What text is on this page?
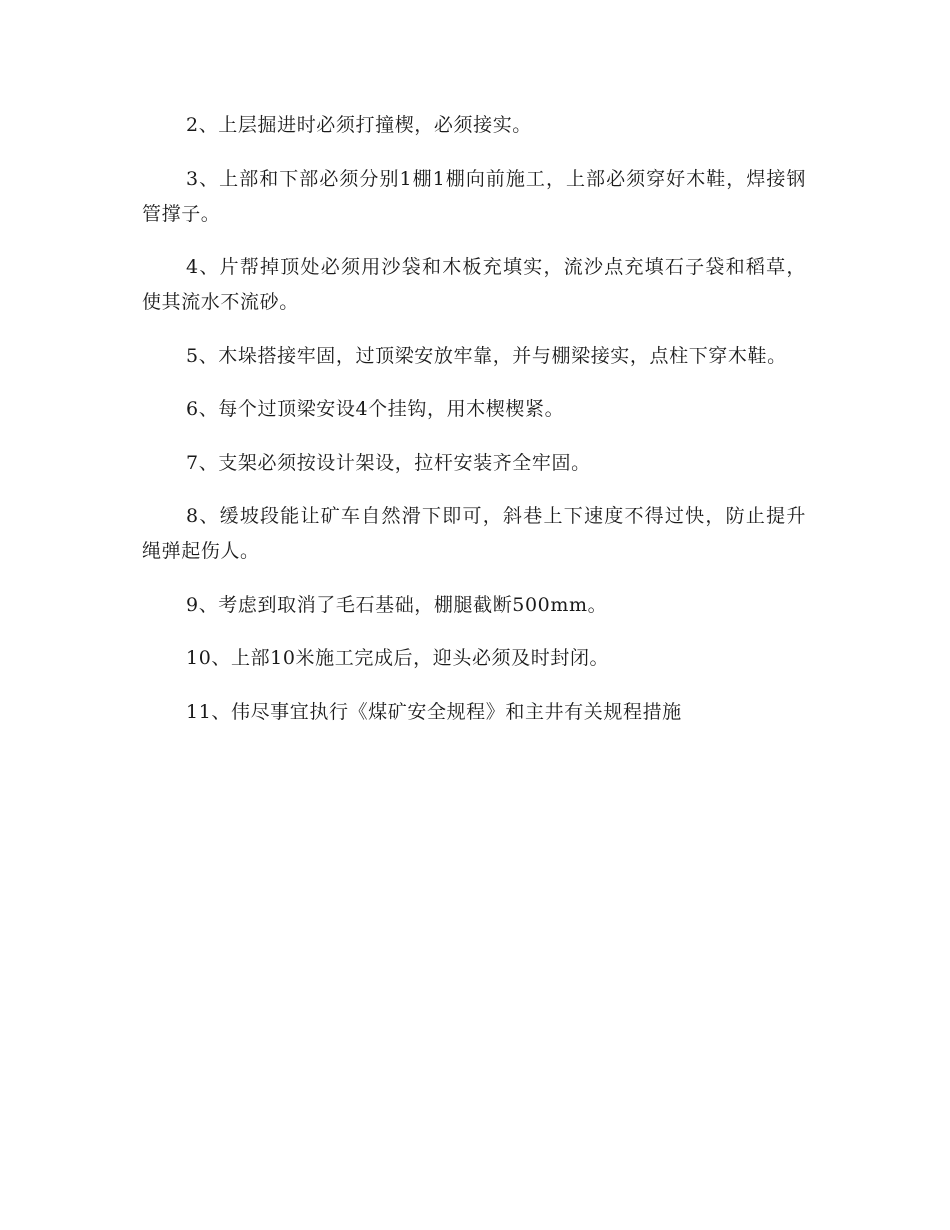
2、上层掘进时必须打撞楔，必须接实。

3、上部和下部必须分别1棚1棚向前施工，上部必须穿好木鞋，焊接钢管撑子。

4、片帮掉顶处必须用沙袋和木板充填实，流沙点充填石子袋和稻草，使其流水不流砂。

5、木垛搭接牢固，过顶梁安放牢靠，并与棚梁接实，点柱下穿木鞋。

6、每个过顶梁安设4个挂钩，用木楔楔紧。

7、支架必须按设计架设，拉杆安装齐全牢固。

8、缓坡段能让矿车自然滑下即可，斜巷上下速度不得过快，防止提升绳弹起伤人。

9、考虑到取消了毛石基础，棚腿截断500mm。

10、上部10米施工完成后，迎头必须及时封闭。

11、伟尽事宜执行《煤矿安全规程》和主井有关规程措施
